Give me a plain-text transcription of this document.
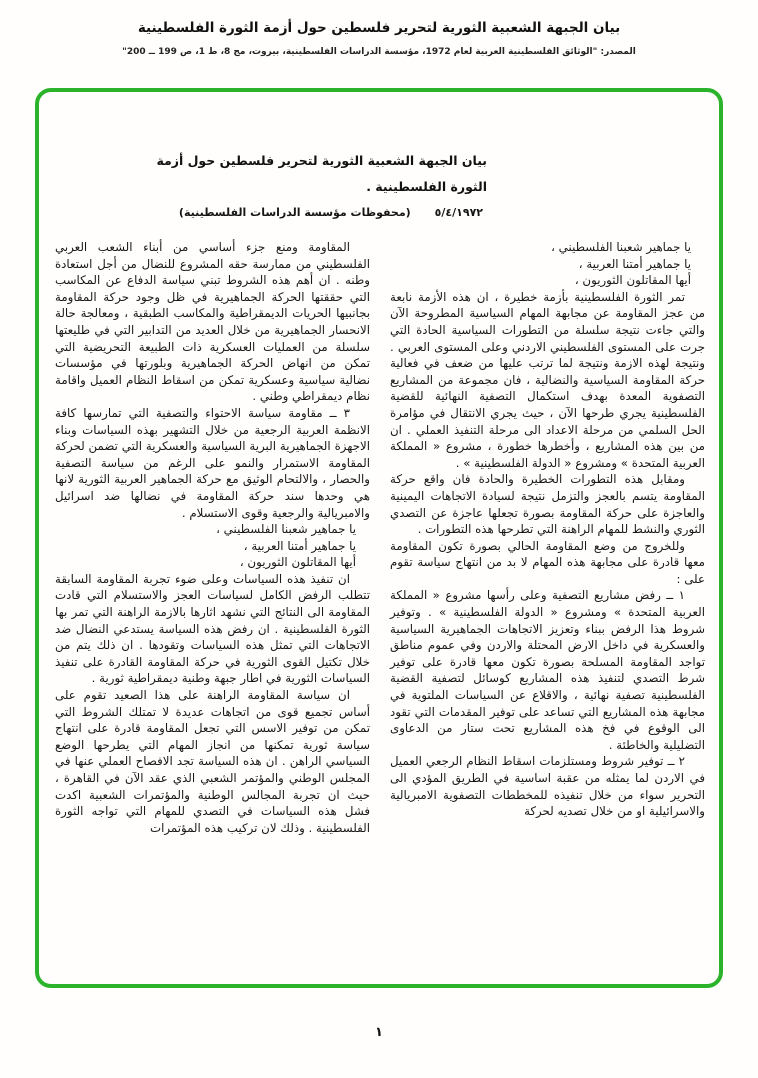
بيان الجبهة الشعبية الثورية لتحرير فلسطين حول أزمة الثورة الفلسطينية
المصدر: "الوثائق الفلسطينية العربية لعام 1972، مؤسسة الدراسات الفلسطينية، بيروت، مج 8، ط 1، ص 199 ــ 200"
بيان الجبهة الشعبية الثورية لتحرير فلسطين حول أزمة
الثورة الفلسطينية .
٥/٤/١٩٧٢
(محفوظات مؤسسة الدراسات الفلسطينية)

يا جماهير شعبنا الفلسطيني ،

يا جماهير أمتنا العربية ،

أيها المقاتلون الثوريون ،

تمر الثورة الفلسطينية بأزمة خطيرة ، ان هذه الأزمة نابعة من عجز المقاومة عن مجابهة المهام السياسية المطروحة الآن والتي جاءت نتيجة سلسلة من التطورات السياسية الحادة التي جرت على المستوى الفلسطيني الاردني وعلى المستوى العربي . ونتيجة لهذه الازمة ونتيجة لما ترتب عليها من ضعف في فعالية حركة المقاومة السياسية والنضالية ، فان مجموعة من المشاريع التصفوية المعدة بهدف استكمال التصفية النهائية للقضية الفلسطينية يجري طرحها الآن ، حيث يجري الانتقال في مؤامرة الحل السلمي من مرحلة الاعداد الى مرحلة التنفيذ العملي . ان من بين هذه المشاريع ، وأخطرها خطورة ، مشروع « المملكة العربية المتحدة » ومشروع « الدولة الفلسطينية » .

ومقابل هذه التطورات الخطيرة والحادة فان واقع حركة المقاومة يتسم بالعجز والتزمل نتيجة لسيادة الاتجاهات اليمينية والعاجزة على حركة المقاومة بصورة تجعلها عاجزة عن التصدي الثوري والنشط للمهام الراهنة التي تطرحها هذه التطورات .

وللخروج من وضع المقاومة الحالي بصورة تكون المقاومة معها قادرة على مجابهة هذه المهام لا بد من انتهاج سياسة تقوم على :

١ ــ رفض مشاريع التصفية وعلى رأسها مشروع « المملكة العربية المتحدة » ومشروع « الدولة الفلسطينية » . وتوفير شروط هذا الرفض ببناء وتعزيز الاتجاهات الجماهيرية السياسية والعسكرية في داخل الارض المحتلة والاردن وفي عموم مناطق تواجد المقاومة المسلحة بصورة تكون معها قادرة على توفير شرط التصدي لتنفيذ هذه المشاريع كوسائل لتصفية القضية الفلسطينية تصفية نهائية ، والاقلاع عن السياسات الملتوية في مجابهة هذه المشاريع التي تساعد على توفير المقدمات التي تقود الى الوقوع في فخ هذه المشاريع تحت ستار من الدعاوى التضليلية والخاطئة .

٢ ــ توفير شروط ومستلزمات اسقاط النظام الرجعي العميل في الاردن لما يمثله من عقبة اساسية في الطريق المؤدي الى التحرير سواء من خلال تنفيذه للمخططات التصفوية الامبريالية والاسرائيلية او من خلال تصديه لحركة

المقاومة ومنع جزء أساسي من أبناء الشعب العربي الفلسطيني من ممارسة حقه المشروع للنضال من أجل استعادة وطنه . ان أهم هذه الشروط تبني سياسة الدفاع عن المكاسب التي حققتها الحركة الجماهيرية في ظل وجود حركة المقاومة بجانبيها الحريات الديمقراطية والمكاسب الطبقية ، ومعالجة حالة الانحسار الجماهيرية من خلال العديد من التدابير التي في طليعتها سلسلة من العمليات العسكرية ذات الطبيعة التحريضية التي تمكن من انهاض الحركة الجماهيرية وبلورتها في مؤسسات نضالية سياسية وعسكرية تمكن من اسقاط النظام العميل واقامة نظام ديمقراطي وطني .

٣ ــ مقاومة سياسة الاحتواء والتصفية التي تمارسها كافة الانظمة العربية الرجعية من خلال التشهير بهذه السياسات وبناء الاجهزة الجماهيرية البرية السياسية والعسكرية التي تضمن لحركة المقاومة الاستمرار والنمو على الرغم من سياسة التصفية والحصار ، والالتحام الوثيق مع حركة الجماهير العربية الثورية لانها هي وحدها سند حركة المقاومة في نضالها ضد اسرائيل والامبريالية والرجعية وقوى الاستسلام .

يا جماهير شعبنا الفلسطيني ،

يا جماهير أمتنا العربية ،

أيها المقاتلون الثوريون ،

ان تنفيذ هذه السياسات وعلى ضوء تجربة المقاومة السابقة تتطلب الرفض الكامل لسياسات العجز والاستسلام التي قادت المقاومة الى النتائج التي نشهد اثارها بالازمة الراهنة التي تمر بها الثورة الفلسطينية . ان رفض هذه السياسة يستدعي النضال ضد الاتجاهات التي تمثل هذه السياسات وتقودها . ان ذلك يتم من خلال تكتيل القوى الثورية في حركة المقاومة القادرة على تنفيذ السياسات الثورية في اطار جبهة وطنية ديمقراطية ثورية .

ان سياسة المقاومة الراهنة على هذا الصعيد تقوم على أساس تجميع قوى من اتجاهات عديدة لا تمتلك الشروط التي تمكن من توفير الاسس التي تجعل المقاومة قادرة على انتهاج سياسة ثورية تمكنها من انجاز المهام التي يطرحها الوضع السياسي الراهن . ان هذه السياسة تجد الافصاح العملي عنها في المجلس الوطني والمؤتمر الشعبي الذي عقد الآن في القاهرة ، حيث ان تجربة المجالس الوطنية والمؤتمرات الشعبية اكدت فشل هذه السياسات في التصدي للمهام التي تواجه الثورة الفلسطينية . وذلك لان تركيب هذه المؤتمرات

١
